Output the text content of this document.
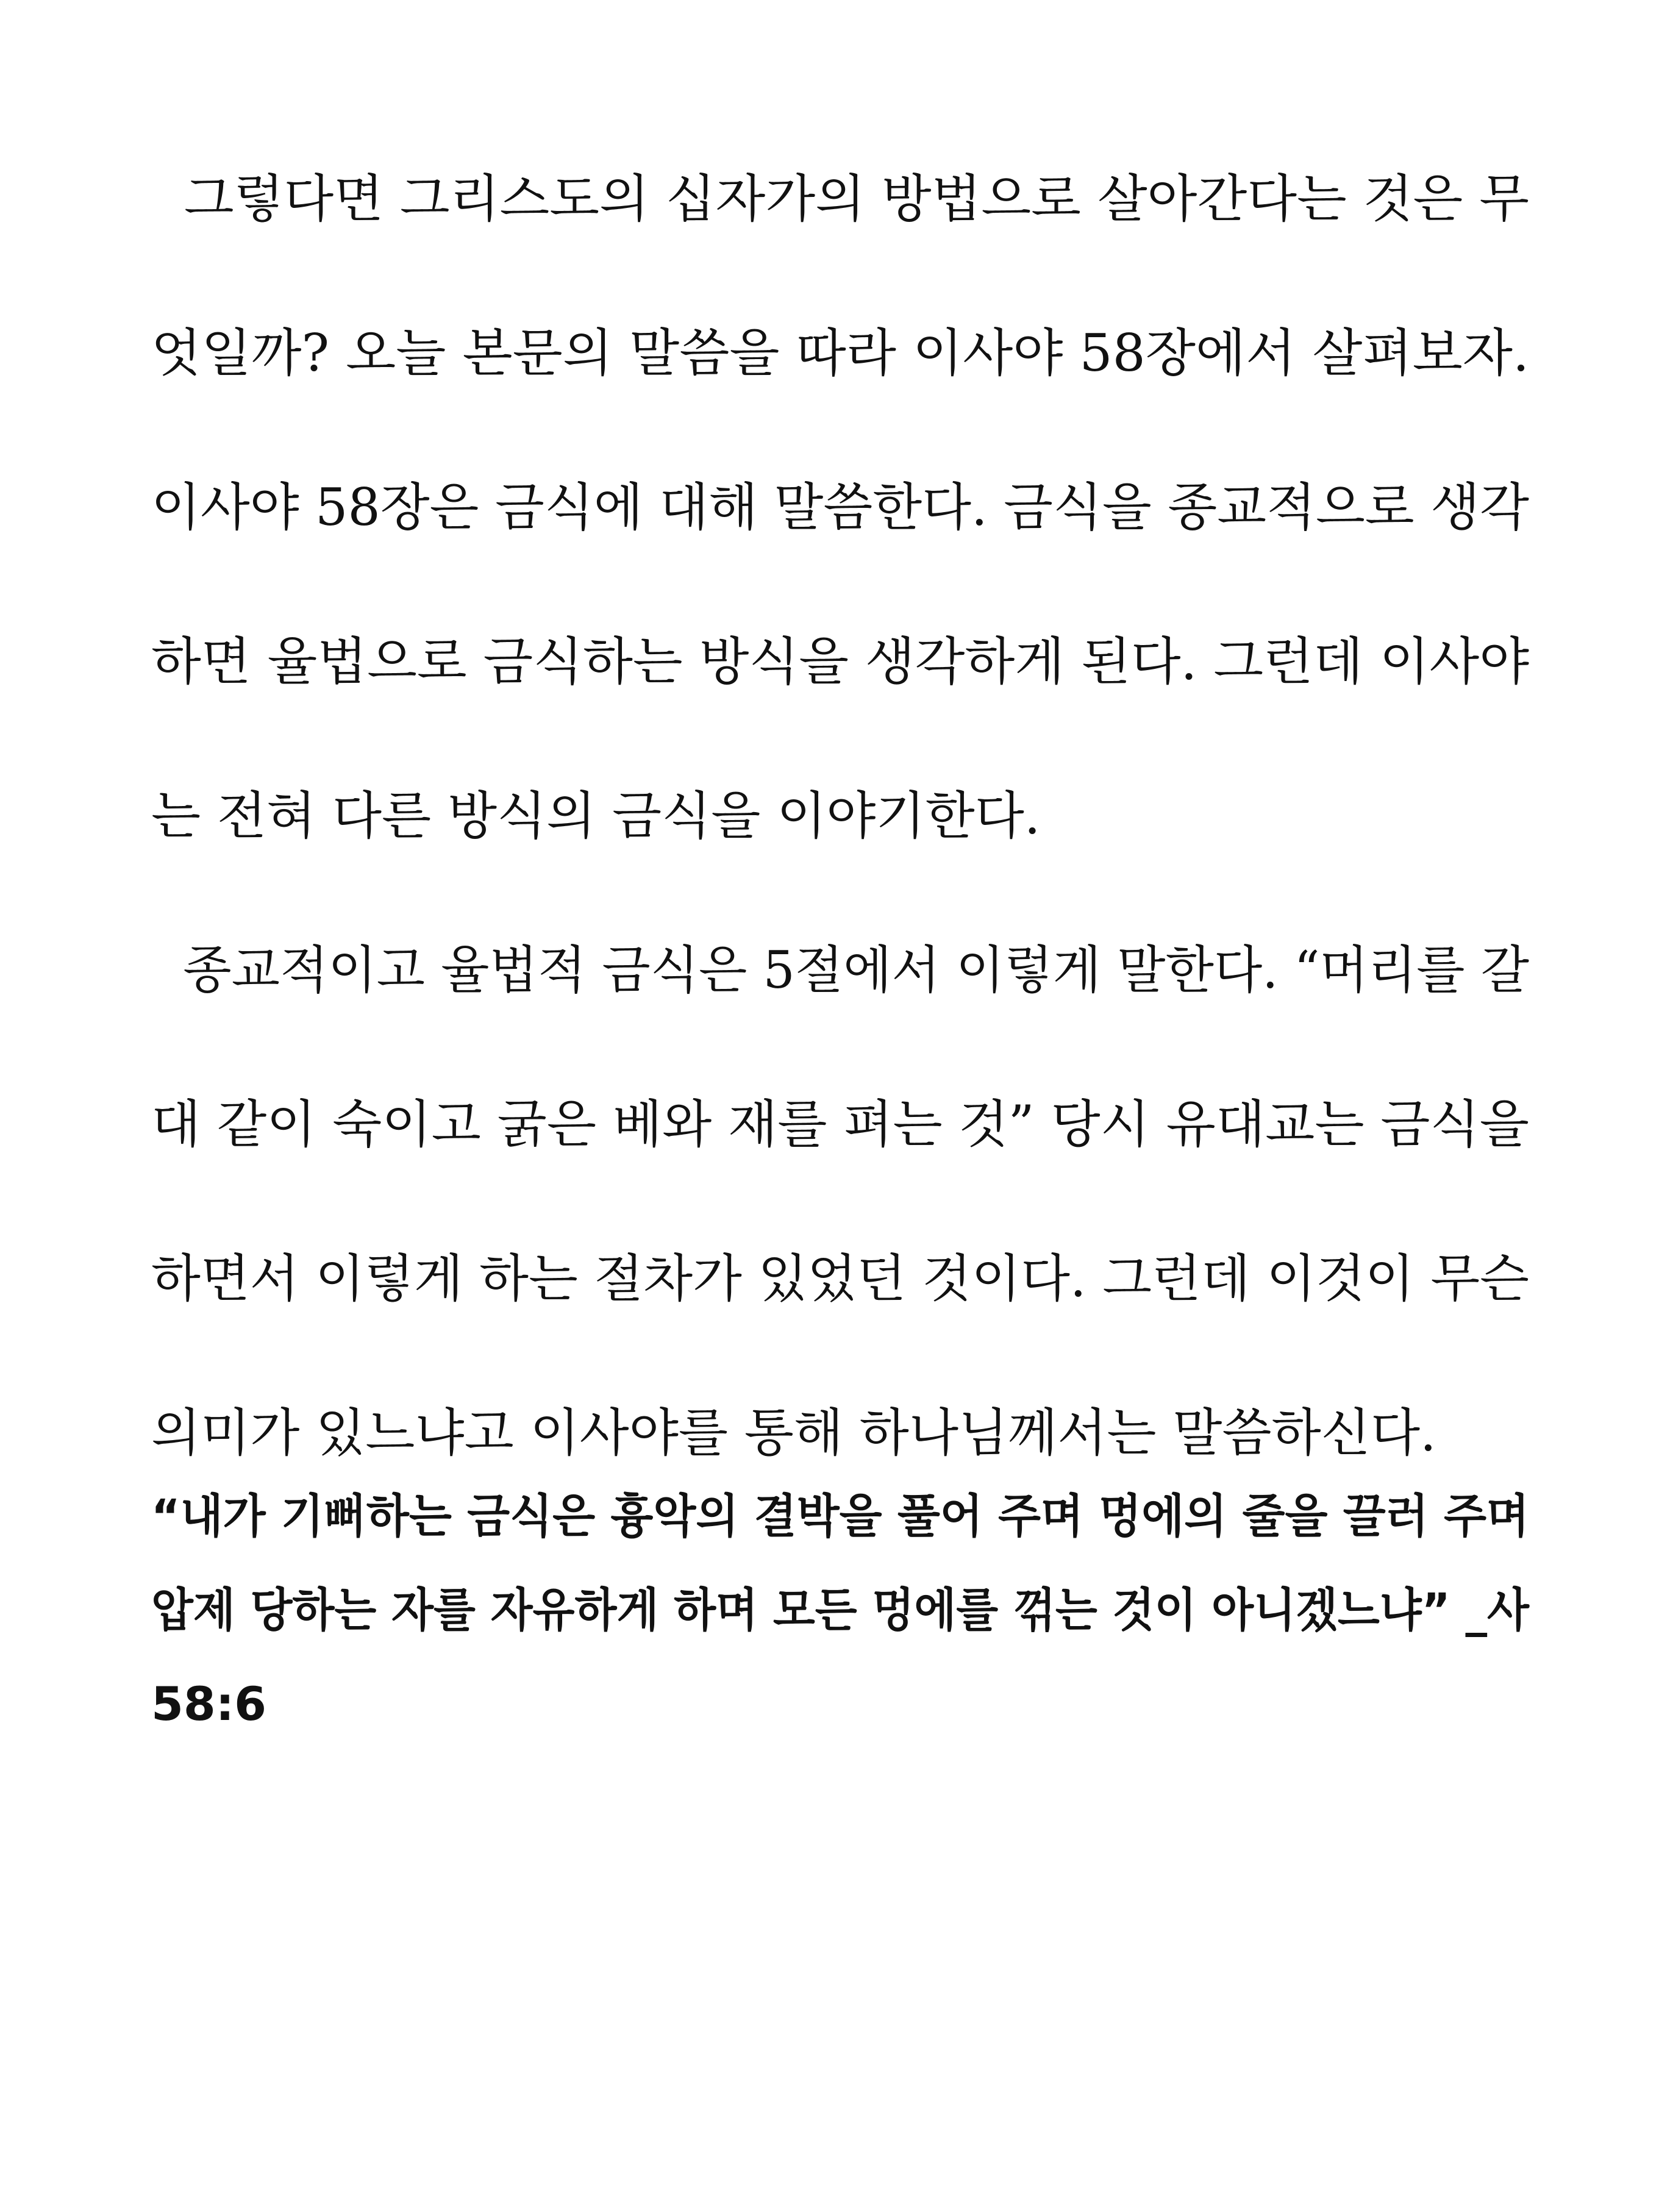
그렇다면 그리스도의 십자가의 방법으로 살아간다는 것은 무
엇일까? 오늘 본문의 말씀을 따라 이사야 58장에서 살펴보자.
이사야 58장은 금식에 대해 말씀한다. 금식을 종교적으로 생각
하면 율법으로 금식하는 방식을 생각하게 된다. 그런데 이사야
는 전혀 다른 방식의 금식을 이야기한다.
종교적이고 율법적 금식은 5절에서 이렇게 말한다. “머리를 갈
대 같이 숙이고 굵은 베와 재를 펴는 것” 당시 유대교는 금식을
하면서 이렇게 하는 절차가 있었던 것이다. 그런데 이것이 무슨
의미가 있느냐고 이사야를 통해 하나님께서는 말씀하신다.
“내가 기뻐하는 금식은 흉악의 결박을 풀어 주며 멍에의 줄을 끌러 주며
압제 당하는 자를 자유하게 하며 모든 멍에를 꺾는 것이 아니겠느냐” _사
58:6
